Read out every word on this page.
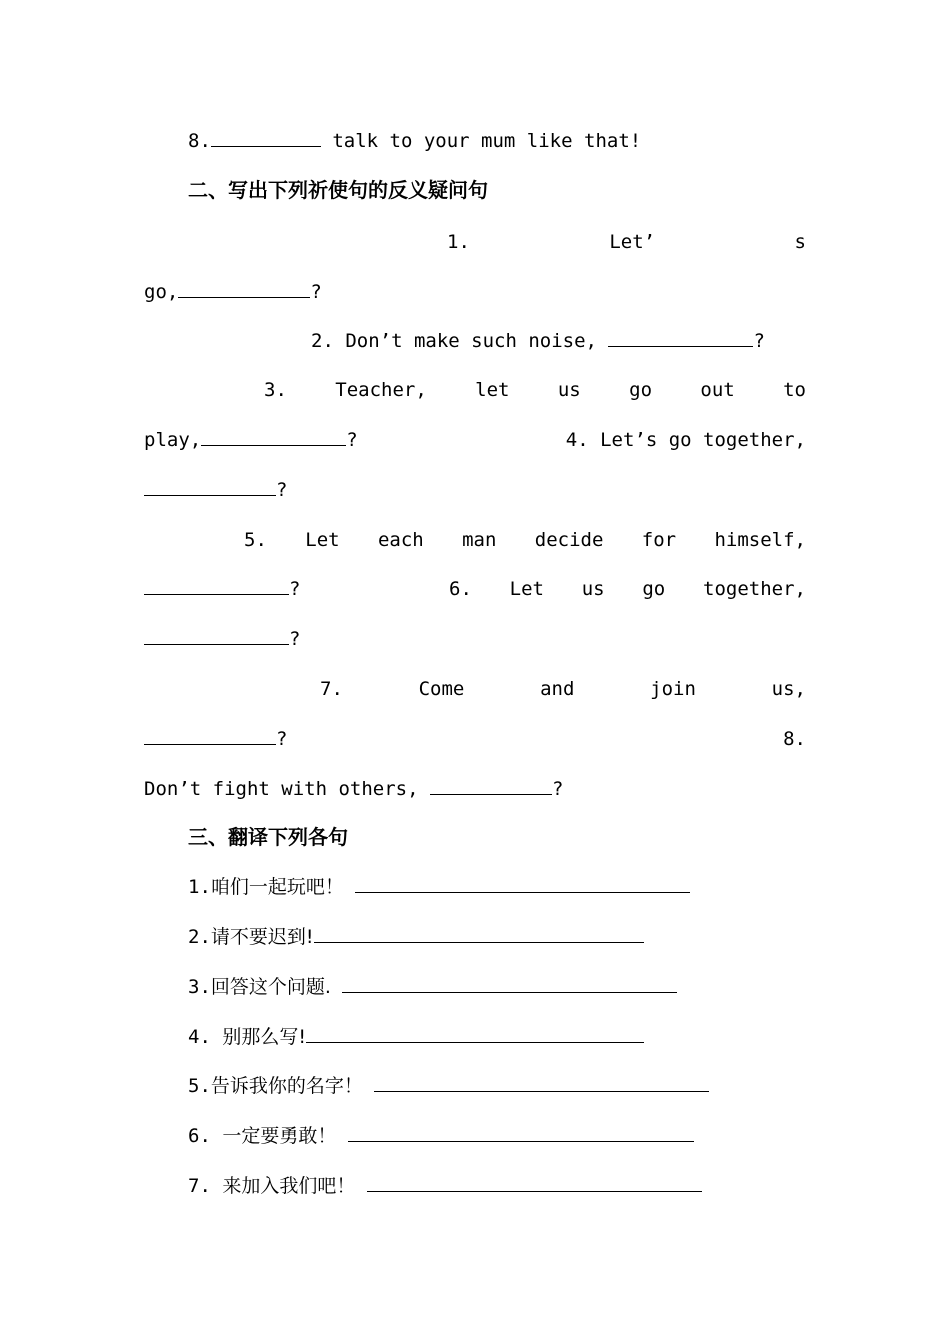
8.	talk to your mum like that!
二、写出下列祈使句的反义疑问句
1.	Let’	s
go,	?
2. Don’t make such noise,	?
3.	Teacher,	let	us	go	out	to
play,	?	4. Let’s go together,
?
5. Let each man decide for himself,
?	6. Let us go together,
?
7.	Come	and	join	us,
?	8.
Don’t fight with others,	?
三、翻译下列各句
1.咱们一起玩吧！
2.请不要迟到!
3.回答这个问题.
4. 别那么写!
5.告诉我你的名字！
6. 一定要勇敢！
7. 来加入我们吧！
